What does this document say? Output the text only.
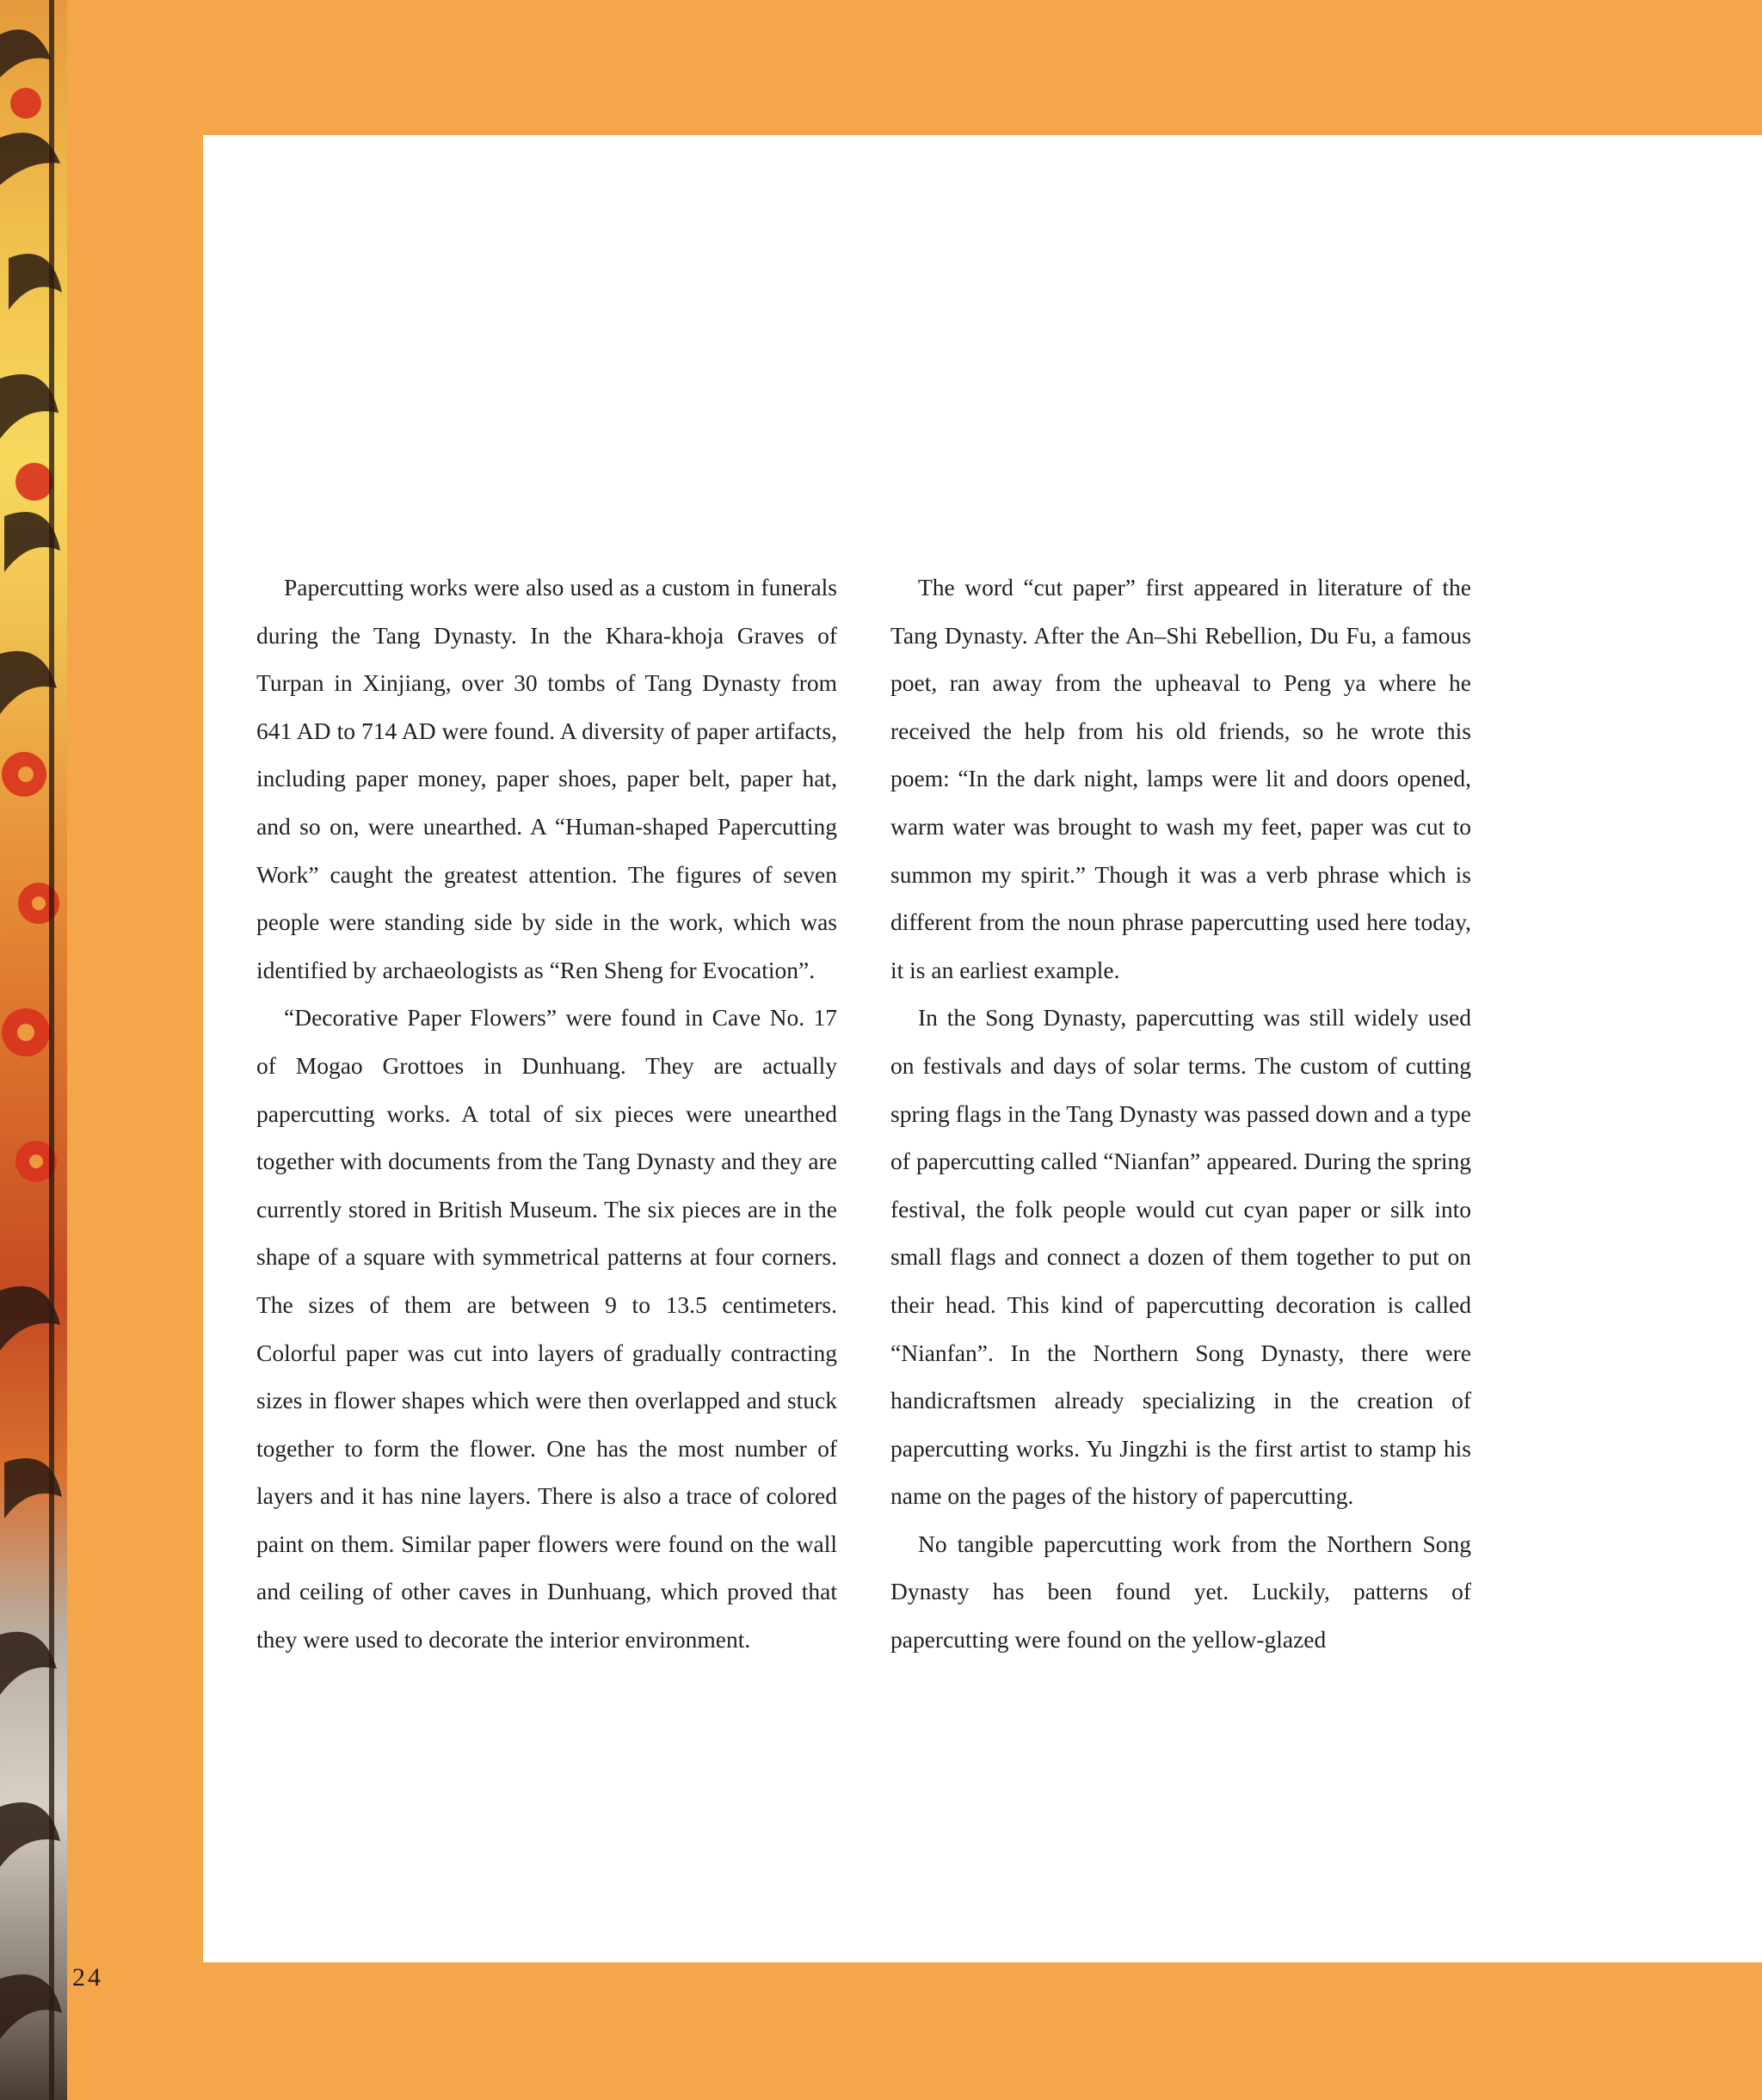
Papercutting works were also used as a custom in funerals during the Tang Dynasty. In the Khara-khoja Graves of Turpan in Xinjiang, over 30 tombs of Tang Dynasty from 641 AD to 714 AD were found. A diversity of paper artifacts, including paper money, paper shoes, paper belt, paper hat, and so on, were unearthed. A “Human-shaped Papercutting Work” caught the greatest attention. The figures of seven people were standing side by side in the work, which was identified by archaeologists as “Ren Sheng for Evocation”.

“Decorative Paper Flowers” were found in Cave No. 17 of Mogao Grottoes in Dunhuang. They are actually papercutting works. A total of six pieces were unearthed together with documents from the Tang Dynasty and they are currently stored in British Museum. The six pieces are in the shape of a square with symmetrical patterns at four corners. The sizes of them are between 9 to 13.5 centimeters. Colorful paper was cut into layers of gradually contracting sizes in flower shapes which were then overlapped and stuck together to form the flower. One has the most number of layers and it has nine layers. There is also a trace of colored paint on them. Similar paper flowers were found on the wall and ceiling of other caves in Dunhuang, which proved that they were used to decorate the interior environment.

The word “cut paper” first appeared in literature of the Tang Dynasty. After the An–Shi Rebellion, Du Fu, a famous poet, ran away from the upheaval to Peng ya where he received the help from his old friends, so he wrote this poem: “In the dark night, lamps were lit and doors opened, warm water was brought to wash my feet, paper was cut to summon my spirit.” Though it was a verb phrase which is different from the noun phrase papercutting used here today, it is an earliest example.

In the Song Dynasty, papercutting was still widely used on festivals and days of solar terms. The custom of cutting spring flags in the Tang Dynasty was passed down and a type of papercutting called “Nianfan” appeared. During the spring festival, the folk people would cut cyan paper or silk into small flags and connect a dozen of them together to put on their head. This kind of papercutting decoration is called “Nianfan”. In the Northern Song Dynasty, there were handicraftsmen already specializing in the creation of papercutting works. Yu Jingzhi is the first artist to stamp his name on the pages of the history of papercutting.

No tangible papercutting work from the Northern Song Dynasty has been found yet. Luckily, patterns of papercutting were found on the yellow-glazed

24
